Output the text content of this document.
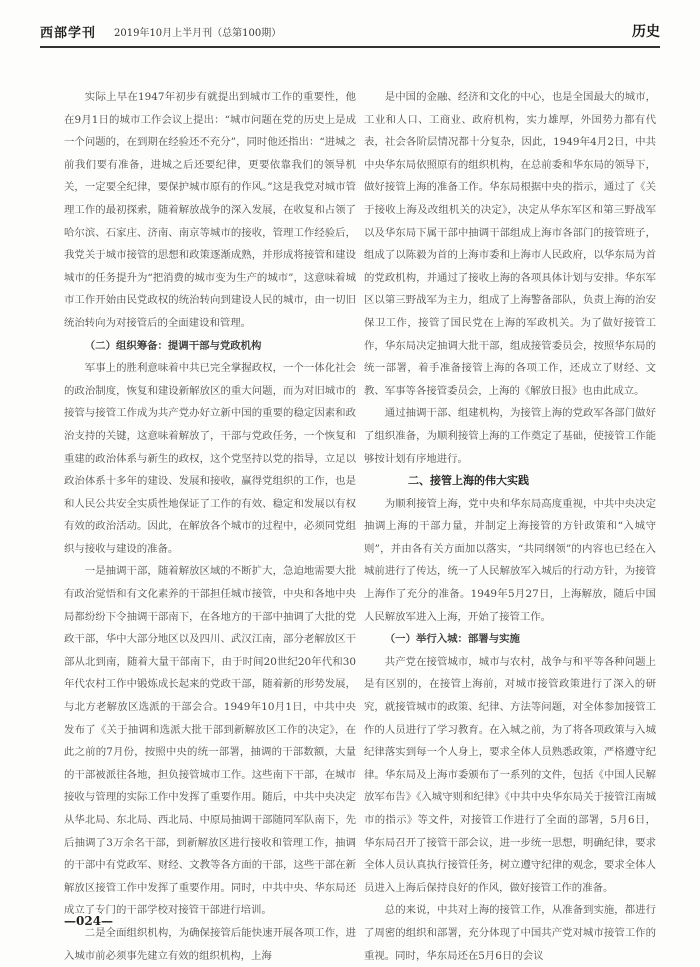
西部学刊 2019年10月上半月刊（总第100期）	历史

实际上早在1947年初步有就提出到城市工作的重要性，他在9月1日的城市工作会议上提出：“城市问题在党的历史上是成一个问题的，在到期在经验还不充分”，同时他还指出：“进城之前我们要有准备，进城之后还要纪律，更要依靠我们的领导机关，一定要全纪律，要保护城市原有的作风。”这是我党对城市管理工作的最初探索，随着解放战争的深入发展，在收复和占领了哈尔滨、石家庄、济南、南京等城市的接收，管理工作经验后，我党关于城市接管的思想和政策逐渐成熟，并形成将接管和建设城市的任务提升为“把消费的城市变为生产的城市”，这意味着城市工作开始由民党政权的统治转向到建设人民的城市，由一切旧统治转向为对接管后的全面建设和管理。

（二）组织筹备：提调干部与党政机构

军事上的胜利意味着中共已完全掌握政权，一个一体化社会的政治制度，恢复和建设新解放区的重大问题，而为对旧城市的接管与接管工作成为共产党办好立新中国的重要的稳定因素和政治支持的关键，这意味着解放了，干部与党政任务，一个恢复和重建的政治体系与新生的政权，这个党坚持以党的指导，立足以政治体系十多年的建设、发展和接收，赢得党组织的工作，也是和人民公共安全实质性地保证了工作的有效、稳定和发展以有权有效的政治活动。因此，在解放各个城市的过程中，必须同党组织与接收与建设的准备。

一是抽调干部，随着解放区域的不断扩大，急迫地需要大批有政治觉悟和有文化素养的干部担任城市接管，中央和各地中央局都纷纷下令抽调干部南下，在各地方的干部中抽调了大批的党政干部，华中大部分地区以及四川、武汉江南，部分老解放区干部从北到南，随着大量干部南下，由于时间20世纪20年代和30年代农村工作中锻炼成长起来的党政干部，随着新的形势发展，与北方老解放区选派的干部会合。1949年10月1日，中共中央发布了《关于抽调和选派大批干部到新解放区工作的决定》，在此之前的7月份，按照中央的统一部署，抽调的干部数额，大量的干部被派往各地，担负接管城市工作。这些南下干部，在城市接收与管理的实际工作中发挥了重要作用。随后，中共中央决定从华北局、东北局、西北局、中原局抽调干部随同军队南下，先后抽调了3万余名干部，到新解放区进行接收和管理工作，抽调的干部中有党政军、财经、文教等各方面的干部，这些干部在新解放区接管工作中发挥了重要作用。同时，中共中央、华东局还成立了专门的干部学校对接管干部进行培训。

二是全面组织机构，为确保接管后能快速开展各项工作，进入城市前必须事先建立有效的组织机构，上海

是中国的金融、经济和文化的中心，也是全国最大的城市，工业和人口、工商业、政府机构，实力雄厚，外国势力都有代表，社会各阶层情况都十分复杂，因此，1949年4月2日，中共中央华东局依照原有的组织机构，在总前委和华东局的领导下，做好接管上海的准备工作。华东局根据中央的指示，通过了《关于接收上海及改组机关的决定》，决定从华东军区和第三野战军以及华东局下属干部中抽调干部组成上海市各部门的接管班子，组成了以陈毅为首的上海市委和上海市人民政府，以华东局为首的党政机构，并通过了接收上海的各项具体计划与安排。华东军区以第三野战军为主力，组成了上海警备部队，负责上海的治安保卫工作，接管了国民党在上海的军政机关。为了做好接管工作，华东局决定抽调大批干部，组成接管委员会，按照华东局的统一部署，着手准备接管上海的各项工作，还成立了财经、文教、军事等各接管委员会，上海的《解放日报》也由此成立。

通过抽调干部、组建机构，为接管上海的党政军各部门做好了组织准备，为顺利接管上海的工作奠定了基础，使接管工作能够按计划有序地进行。

二、接管上海的伟大实践

为顺利接管上海，党中央和华东局高度重视，中共中央决定抽调上海的干部力量，并制定上海接管的方针政策和“入城守则”，并由各有关方面加以落实，“共同纲领”的内容也已经在入城前进行了传达，统一了人民解放军入城后的行动方针，为接管上海作了充分的准备。1949年5月27日，上海解放，随后中国人民解放军进入上海，开始了接管工作。

（一）举行入城：部署与实施

共产党在接管城市，城市与农村，战争与和平等各种问题上是有区别的，在接管上海前，对城市接管政策进行了深入的研究，就接管城市的政策、纪律、方法等问题，对全体参加接管工作的人员进行了学习教育。在入城之前，为了将各项政策与入城纪律落实到每一个人身上，要求全体人员熟悉政策，严格遵守纪律。华东局及上海市委颁布了一系列的文件，包括《中国人民解放军布告》《入城守则和纪律》《中共中央华东局关于接管江南城市的指示》等文件，对接管工作进行了全面的部署，5月6日，华东局召开了接管干部会议，进一步统一思想，明确纪律，要求全体人员认真执行接管任务，树立遵守纪律的观念，要求全体人员进入上海后保持良好的作风，做好接管工作的准备。

总的来说，中共对上海的接管工作，从准备到实施，都进行了周密的组织和部署，充分体现了中国共产党对城市接管工作的重视。同时，华东局还在5月6日的会议

—024—
